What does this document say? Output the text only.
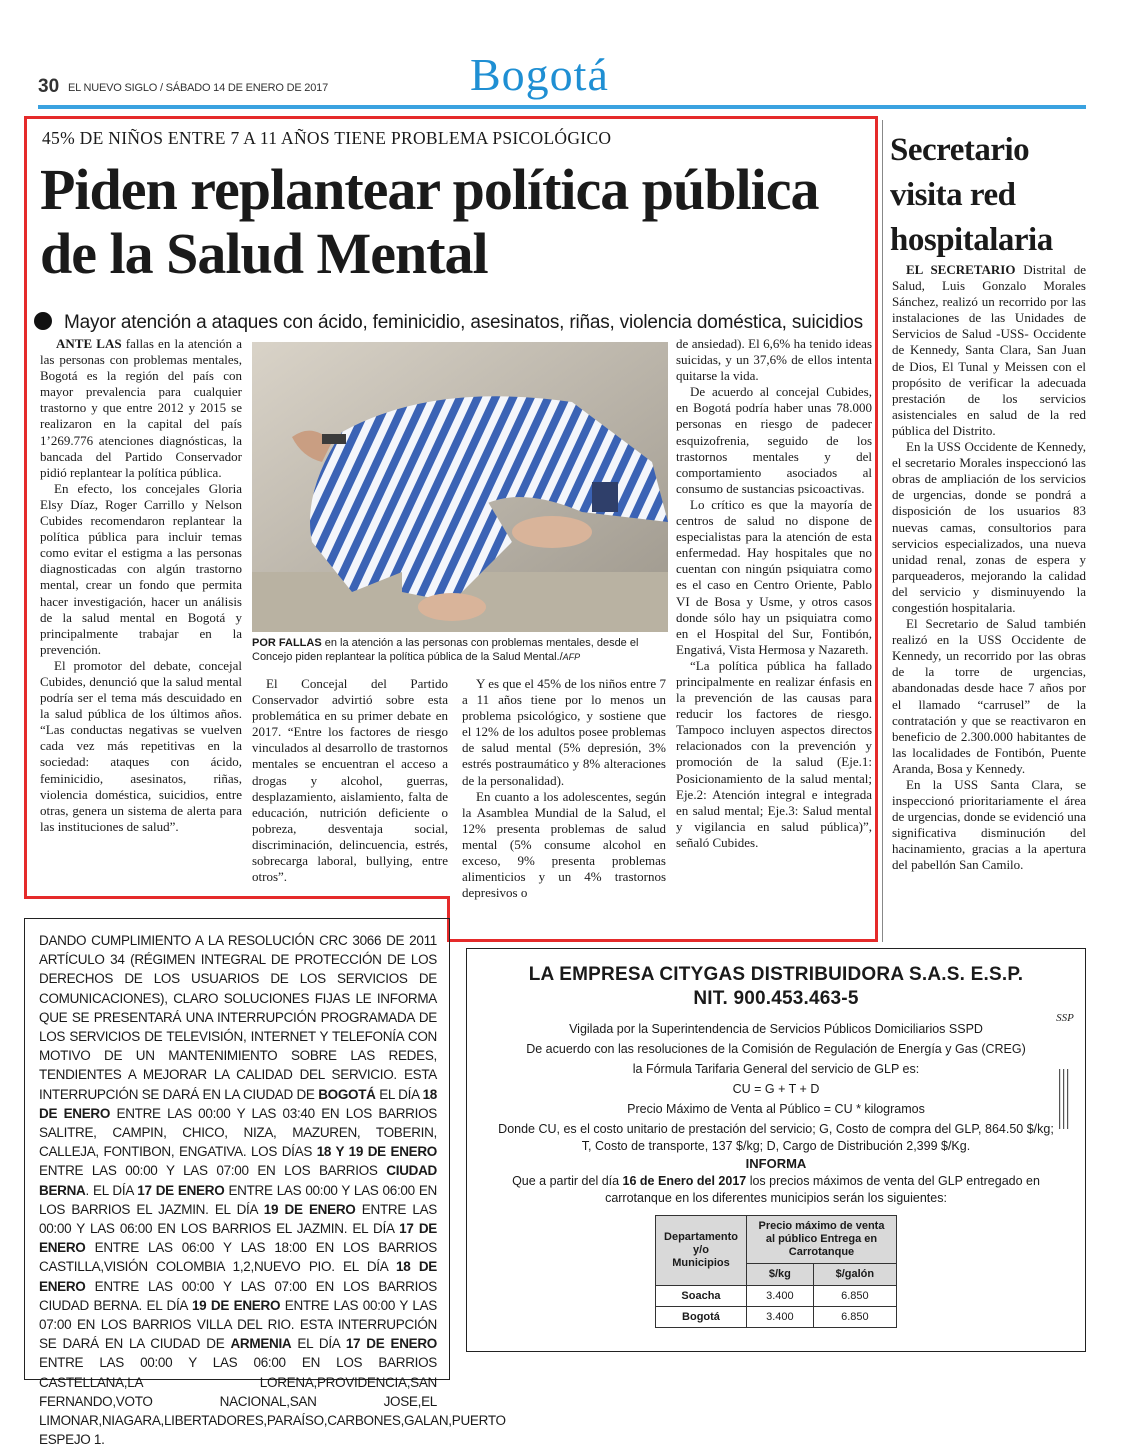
30 EL NUEVO SIGLO / SÁBADO 14 DE ENERO DE 2017	Bogotá
45% DE NIÑOS ENTRE 7 A 11 AÑOS TIENE PROBLEMA PSICOLÓGICO
Piden replantear política pública de la Salud Mental
Mayor atención a ataques con ácido, feminicidio, asesinatos, riñas, violencia doméstica, suicidios

ANTE LAS fallas en la atención a las personas con problemas mentales, Bogotá es la región del país con mayor prevalencia para cualquier trastorno y que entre 2012 y 2015 se realizaron en la capital del país 1’269.776 atenciones diagnósticas, la bancada del Partido Conservador pidió replantear la política pública.

En efecto, los concejales Gloria Elsy Díaz, Roger Carrillo y Nelson Cubides recomendaron replantear la política pública para incluir temas como evitar el estigma a las personas diagnosticadas con algún trastorno mental, crear un fondo que permita hacer investigación, hacer un análisis de la salud mental en Bogotá y principalmente trabajar en la prevención.

El promotor del debate, concejal Cubides, denunció que la salud mental podría ser el tema más descuidado en la salud pública de los últimos años. “Las conductas negativas se vuelven cada vez más repetitivas en la sociedad: ataques con ácido, feminicidio, asesinatos, riñas, violencia doméstica, suicidios, entre otras, genera un sistema de alerta para las instituciones de salud”.

POR FALLAS en la atención a las personas con problemas mentales, desde el Concejo piden replantear la política pública de la Salud Mental./AFP

El Concejal del Partido Conservador advirtió sobre esta problemática en su primer debate en 2017. “Entre los factores de riesgo vinculados al desarrollo de trastornos mentales se encuentran el acceso a drogas y alcohol, guerras, desplazamiento, aislamiento, falta de educación, nutrición deficiente o pobreza, desventaja social, discriminación, delincuencia, estrés, sobrecarga laboral, bullying, entre otros”.

Y es que el 45% de los niños entre 7 a 11 años tiene por lo menos un problema psicológico, y sostiene que el 12% de los adultos posee problemas de salud mental (5% depresión, 3% estrés postraumático y 8% alteraciones de la personalidad).

En cuanto a los adolescentes, según la Asamblea Mundial de la Salud, el 12% presenta problemas de salud mental (5% consume alcohol en exceso, 9% presenta problemas alimenticios y un 4% trastornos depresivos o

de ansiedad). El 6,6% ha tenido ideas suicidas, y un 37,6% de ellos intenta quitarse la vida.

De acuerdo al concejal Cubides, en Bogotá podría haber unas 78.000 personas en riesgo de padecer esquizofrenia, seguido de los trastornos mentales y del comportamiento asociados al consumo de sustancias psicoactivas.

Lo crítico es que la mayoría de centros de salud no dispone de especialistas para la atención de esta enfermedad. Hay hospitales que no cuentan con ningún psiquiatra como es el caso en Centro Oriente, Pablo VI de Bosa y Usme, y otros casos donde sólo hay un psiquiatra como en el Hospital del Sur, Fontibón, Engativá, Vista Hermosa y Nazareth.

“La política pública ha fallado principalmente en realizar énfasis en la prevención de las causas para reducir los factores de riesgo. Tampoco incluyen aspectos directos relacionados con la prevención y promoción de la salud (Eje.1: Posicionamiento de la salud mental; Eje.2: Atención integral e integrada en salud mental; Eje.3: Salud mental y vigilancia en salud pública)”, señaló Cubides.

Secretario visita red hospitalaria

EL SECRETARIO Distrital de Salud, Luis Gonzalo Morales Sánchez, realizó un recorrido por las instalaciones de las Unidades de Servicios de Salud -USS- Occidente de Kennedy, Santa Clara, San Juan de Dios, El Tunal y Meissen con el propósito de verificar la adecuada prestación de los servicios asistenciales en salud de la red pública del Distrito.

En la USS Occidente de Kennedy, el secretario Morales inspeccionó las obras de ampliación de los servicios de urgencias, donde se pondrá a disposición de los usuarios 83 nuevas camas, consultorios para servicios especializados, una nueva unidad renal, zonas de espera y parqueaderos, mejorando la calidad del servicio y disminuyendo la congestión hospitalaria.

El Secretario de Salud también realizó en la USS Occidente de Kennedy, un recorrido por las obras de la torre de urgencias, abandonadas desde hace 7 años por el llamado “carrusel” de la contratación y que se reactivaron en beneficio de 2.300.000 habitantes de las localidades de Fontibón, Puente Aranda, Bosa y Kennedy.

En la USS Santa Clara, se inspeccionó prioritariamente el área de urgencias, donde se evidenció una significativa disminución del hacinamiento, gracias a la apertura del pabellón San Camilo.

DANDO CUMPLIMIENTO A LA RESOLUCIÓN CRC 3066 DE 2011 ARTÍCULO 34 (RÉGIMEN INTEGRAL DE PROTECCIÓN DE LOS DERECHOS DE LOS USUARIOS DE LOS SERVICIOS DE COMUNICACIONES), CLARO SOLUCIONES FIJAS LE INFORMA QUE SE PRESENTARÁ UNA INTERRUPCIÓN PROGRAMADA DE LOS SERVICIOS DE TELEVISIÓN, INTERNET Y TELEFONÍA CON MOTIVO DE UN MANTENIMIENTO SOBRE LAS REDES, TENDIENTES A MEJORAR LA CALIDAD DEL SERVICIO. ESTA INTERRUPCIÓN SE DARÁ EN LA CIUDAD DE BOGOTÁ EL DÍA 18 DE ENERO ENTRE LAS 00:00 Y LAS 03:40 EN LOS BARRIOS SALITRE, CAMPIN, CHICO, NIZA, MAZUREN, TOBERIN, CALLEJA, FONTIBON, ENGATIVA. LOS DÍAS 18 Y 19 DE ENERO ENTRE LAS 00:00 Y LAS 07:00 EN LOS BARRIOS CIUDAD BERNA. EL DÍA 17 DE ENERO ENTRE LAS 00:00 Y LAS 06:00 EN LOS BARRIOS EL JAZMIN. EL DÍA 19 DE ENERO ENTRE LAS 00:00 Y LAS 06:00 EN LOS BARRIOS EL JAZMIN. EL DÍA 17 DE ENERO ENTRE LAS 06:00 Y LAS 18:00 EN LOS BARRIOS CASTILLA,VISIÓN COLOMBIA 1,2,NUEVO PIO. EL DÍA 18 DE ENERO ENTRE LAS 00:00 Y LAS 07:00 EN LOS BARRIOS CIUDAD BERNA. EL DÍA 19 DE ENERO ENTRE LAS 00:00 Y LAS 07:00 EN LOS BARRIOS VILLA DEL RIO. ESTA INTERRUPCIÓN SE DARÁ EN LA CIUDAD DE ARMENIA EL DÍA 17 DE ENERO ENTRE LAS 00:00 Y LAS 06:00 EN LOS BARRIOS CASTELLANA,LA LORENA,PROVIDENCIA,SAN FERNANDO,VOTO NACIONAL,SAN JOSE,EL LIMONAR,NIAGARA,LIBERTADORES,PARAÍSO,CARBONES,GALAN,PUERTO ESPEJO 1.
LA EMPRESA CITYGAS DISTRIBUIDORA S.A.S. E.S.P.
NIT. 900.453.463-5
Vigilada por la Superintendencia de Servicios Públicos Domiciliarios SSPD
De acuerdo con las resoluciones de la Comisión de Regulación de Energía y Gas (CREG)
la Fórmula Tarifaria General del servicio de GLP es:
CU = G + T + D
Precio Máximo de Venta al Público = CU * kilogramos
Donde CU, es el costo unitario de prestación del servicio; G, Costo de compra del GLP, 864.50 $/kg; T, Costo de transporte, 137 $/kg; D, Cargo de Distribución 2,399 $/Kg.
INFORMA
Que a partir del día 16 de Enero del 2017 los precios máximos de venta del GLP entregado en carrotanque en los diferentes municipios serán los siguientes:
Departamento y/o Municipios	Precio máximo de venta al público Entrega en Carrotanque	
	$/kg	$/galón
Soacha	3.400	6.850
Bogotá	3.400	6.850
SSP
